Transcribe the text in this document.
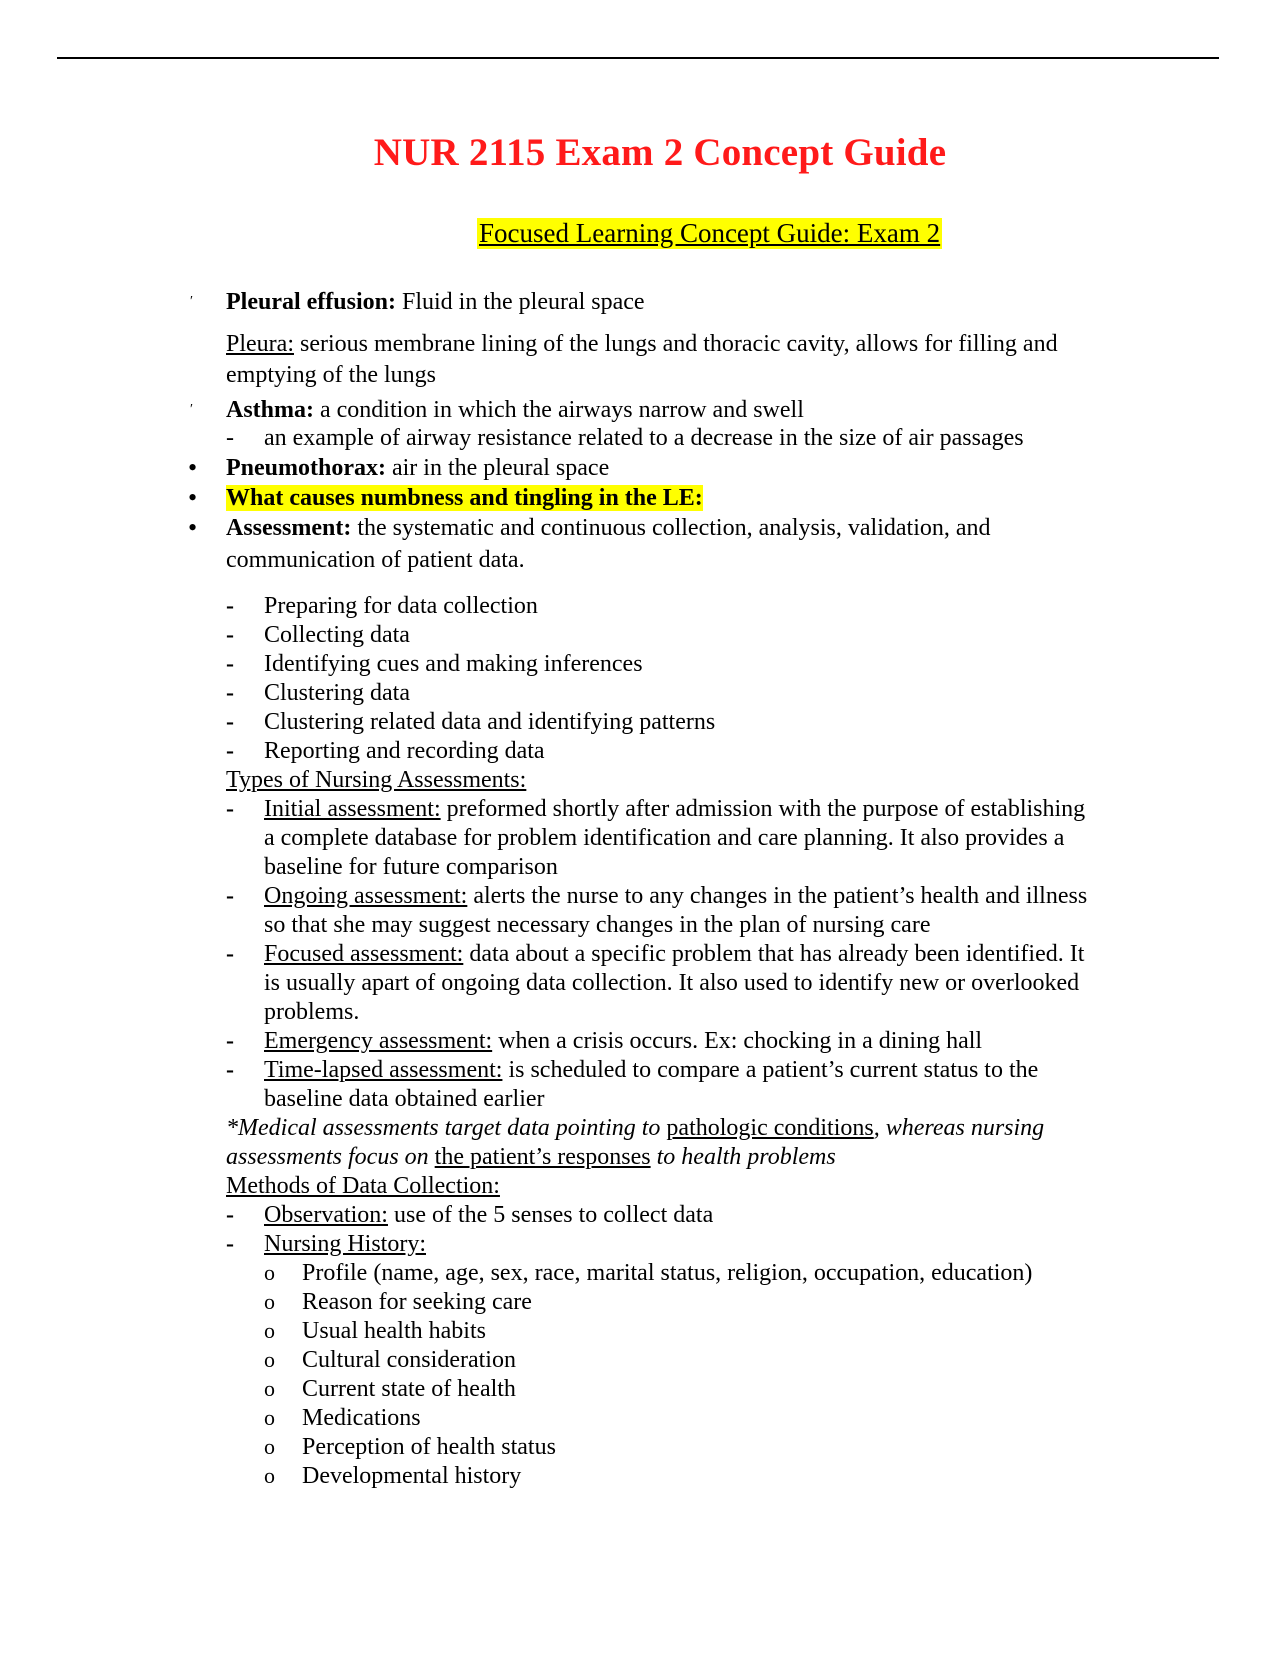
NUR 2115 Exam 2 Concept Guide
Focused Learning Concept Guide: Exam 2
′	Pleural effusion: Fluid in the pleural space
Pleura: serious membrane lining of the lungs and thoracic cavity, allows for filling and
emptying of the lungs
′	Asthma: a condition in which the airways narrow and swell
-	an example of airway resistance related to a decrease in the size of air passages
•	Pneumothorax: air in the pleural space
•	What causes numbness and tingling in the LE:
•	Assessment: the systematic and continuous collection, analysis, validation, and
communication of patient data.
-	Preparing for data collection
-	Collecting data
-	Identifying cues and making inferences
-	Clustering data
-	Clustering related data and identifying patterns
-	Reporting and recording data
Types of Nursing Assessments:
-	Initial assessment: preformed shortly after admission with the purpose of establishing
a complete database for problem identification and care planning. It also provides a
baseline for future comparison
-	Ongoing assessment: alerts the nurse to any changes in the patient’s health and illness
so that she may suggest necessary changes in the plan of nursing care
-	Focused assessment: data about a specific problem that has already been identified. It
is usually apart of ongoing data collection. It also used to identify new or overlooked
problems.
-	Emergency assessment: when a crisis occurs. Ex: chocking in a dining hall
-	Time-lapsed assessment: is scheduled to compare a patient’s current status to the
baseline data obtained earlier
*Medical assessments target data pointing to pathologic conditions, whereas nursing
assessments focus on the patient’s responses to health problems
Methods of Data Collection:
-	Observation: use of the 5 senses to collect data
-	Nursing History:
o	Profile (name, age, sex, race, marital status, religion, occupation, education)
o	Reason for seeking care
o	Usual health habits
o	Cultural consideration
o	Current state of health
o	Medications
o	Perception of health status
o	Developmental history
